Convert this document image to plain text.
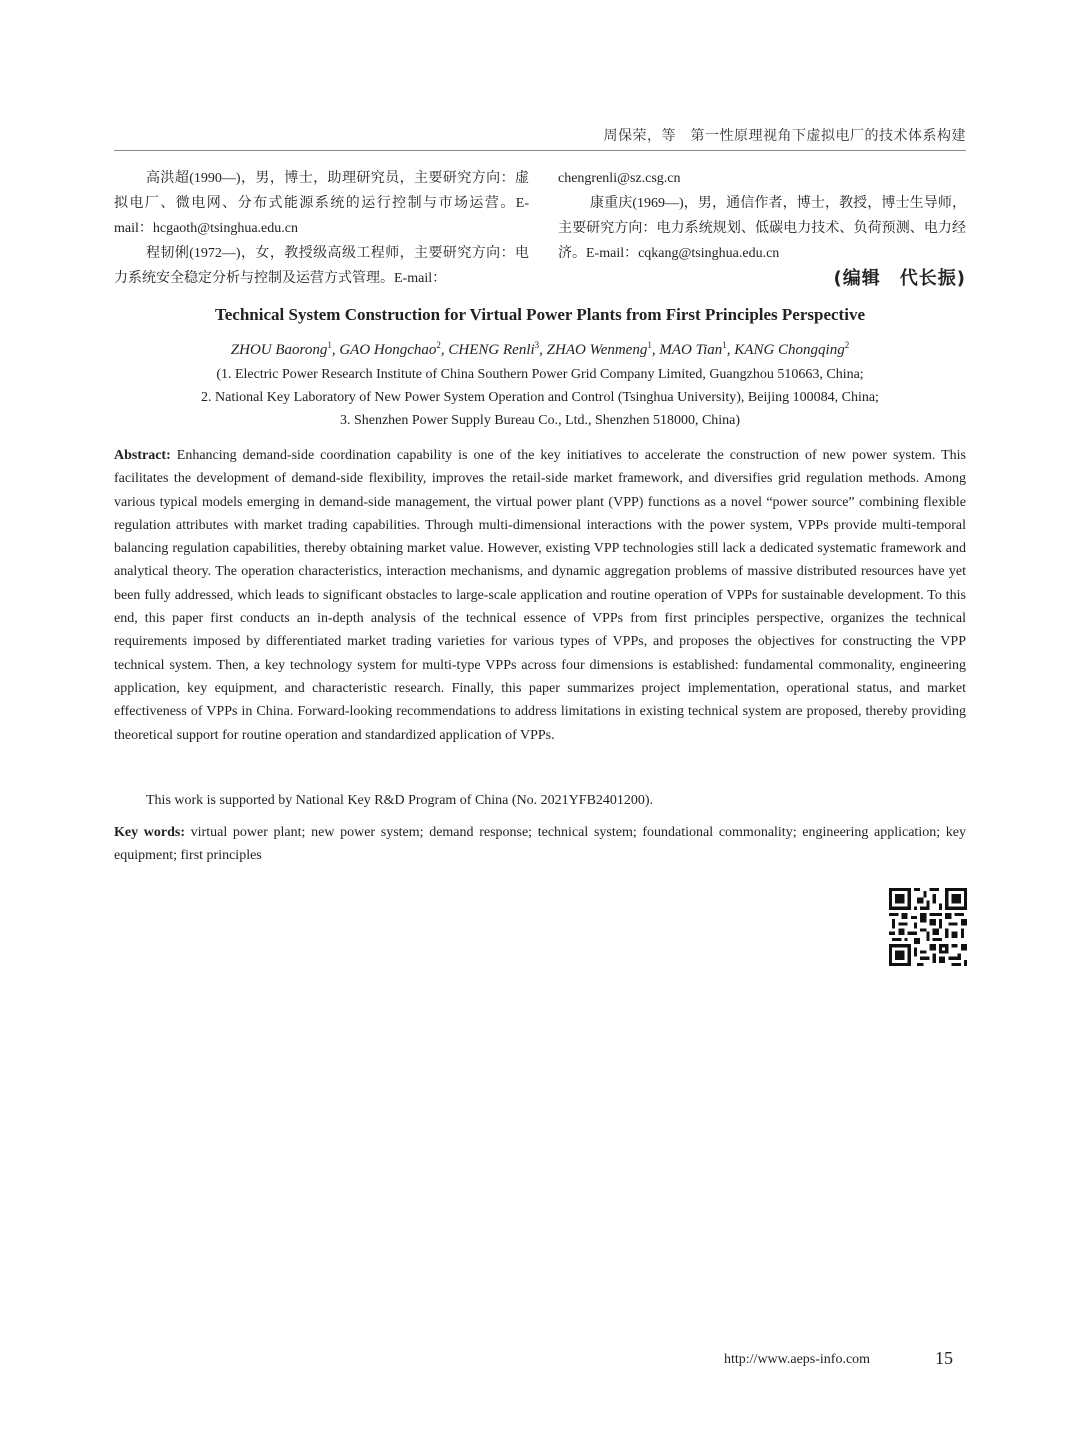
周保荣，等　第一性原理视角下虚拟电厂的技术体系构建

高洪超(1990—)，男，博士，助理研究员，主要研究方向：虚拟电厂、微电网、分布式能源系统的运行控制与市场运营。E-mail：hcgaoth@tsinghua.edu.cn

程韧俐(1972—)，女，教授级高级工程师，主要研究方向：电力系统安全稳定分析与控制及运营方式管理。E-mail：

chengrenli@sz.csg.cn

康重庆(1969—)，男，通信作者，博士，教授，博士生导师，主要研究方向：电力系统规划、低碳电力技术、负荷预测、电力经济。E-mail：cqkang@tsinghua.edu.cn

(编辑　代长振)
Technical System Construction for Virtual Power Plants from First Principles Perspective
ZHOU Baorong$^1$, GAO Hongchao$^2$, CHENG Renli$^3$, ZHAO Wenmeng$^1$, MAO Tian$^1$, KANG Chongqing$^2$
(1. Electric Power Research Institute of China Southern Power Grid Company Limited, Guangzhou 510663, China;
2. National Key Laboratory of New Power System Operation and Control (Tsinghua University), Beijing 100084, China;
3. Shenzhen Power Supply Bureau Co., Ltd., Shenzhen 518000, China)

Abstract: Enhancing demand-side coordination capability is one of the key initiatives to accelerate the construction of new power system. This facilitates the development of demand-side flexibility, improves the retail-side market framework, and diversifies grid regulation methods. Among various typical models emerging in demand-side management, the virtual power plant (VPP) functions as a novel “power source” combining flexible regulation attributes with market trading capabilities. Through multi-dimensional interactions with the power system, VPPs provide multi-temporal balancing regulation capabilities, thereby obtaining market value. However, existing VPP technologies still lack a dedicated systematic framework and analytical theory. The operation characteristics, interaction mechanisms, and dynamic aggregation problems of massive distributed resources have yet been fully addressed, which leads to significant obstacles to large-scale application and routine operation of VPPs for sustainable development. To this end, this paper first conducts an in-depth analysis of the technical essence of VPPs from first principles perspective, organizes the technical requirements imposed by differentiated market trading varieties for various types of VPPs, and proposes the objectives for constructing the VPP technical system. Then, a key technology system for multi-type VPPs across four dimensions is established: fundamental commonality, engineering application, key equipment, and characteristic research. Finally, this paper summarizes project implementation, operational status, and market effectiveness of VPPs in China. Forward-looking recommendations to address limitations in existing technical system are proposed, thereby providing theoretical support for routine operation and standardized application of VPPs.

This work is supported by National Key R&D Program of China (No. 2021YFB2401200).

Key words: virtual power plant; new power system; demand response; technical system; foundational commonality; engineering application; key equipment; first principles

http://www.aeps-info.com	15
